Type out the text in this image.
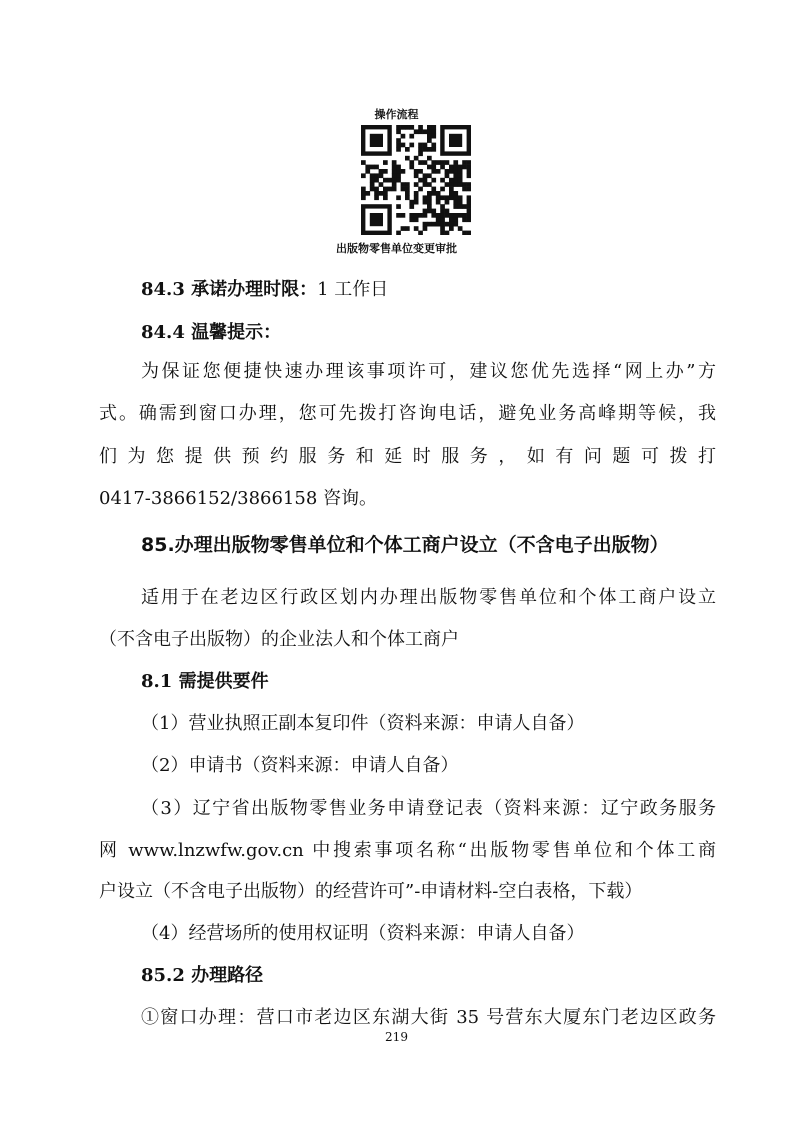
操作流程
出版物零售单位变更审批
84.3 承诺办理时限：1 工作日
84.4 温馨提示：
为保证您便捷快速办理该事项许可，建议您优先选择“网上办”方
式。确需到窗口办理，您可先拨打咨询电话，避免业务高峰期等候，我
们为您提供预约服务和延时服务，如有问题可拨打
0417-3866152/3866158 咨询。
85.办理出版物零售单位和个体工商户设立（不含电子出版物）
适用于在老边区行政区划内办理出版物零售单位和个体工商户设立
（不含电子出版物）的企业法人和个体工商户
8.1 需提供要件
（1）营业执照正副本复印件（资料来源：申请人自备）
（2）申请书（资料来源：申请人自备）
（3）辽宁省出版物零售业务申请登记表（资料来源：辽宁政务服务
网 www.lnzwfw.gov.cn 中搜索事项名称“出版物零售单位和个体工商
户设立（不含电子出版物）的经营许可”-申请材料-空白表格，下载）
（4）经营场所的使用权证明（资料来源：申请人自备）
85.2 办理路径
①窗口办理：营口市老边区东湖大街 35 号营东大厦东门老边区政务
219
